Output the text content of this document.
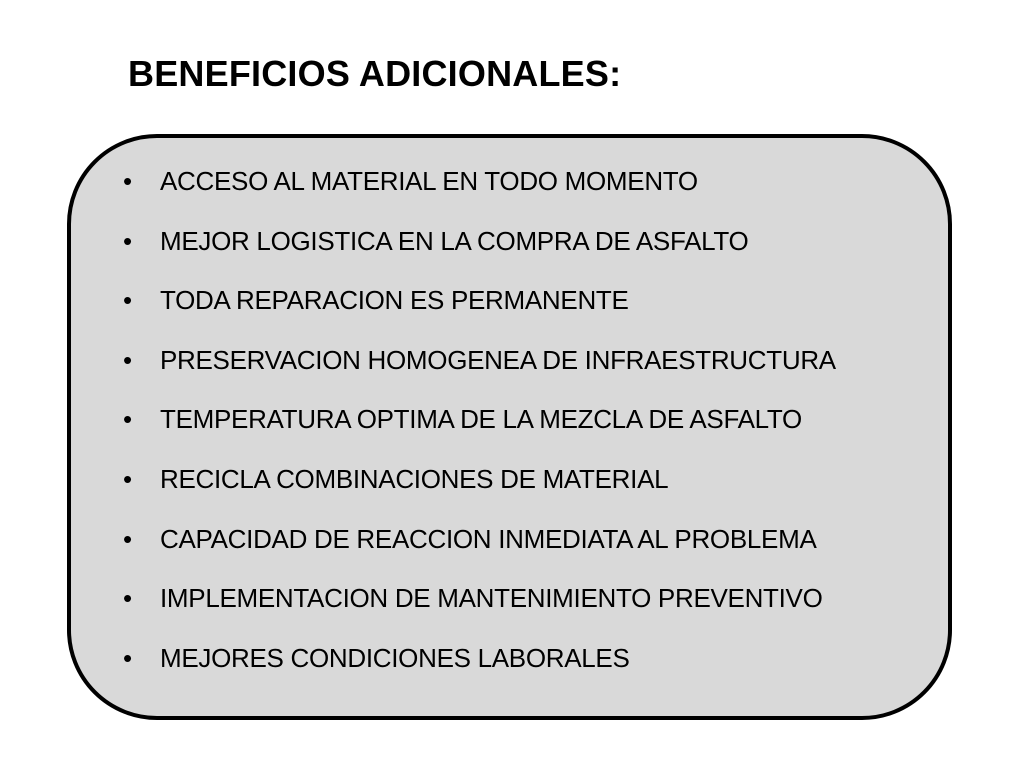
BENEFICIOS ADICIONALES:
• ACCESO AL MATERIAL EN TODO MOMENTO
• MEJOR LOGISTICA EN LA COMPRA DE ASFALTO
• TODA REPARACION ES PERMANENTE
• PRESERVACION HOMOGENEA DE INFRAESTRUCTURA
• TEMPERATURA OPTIMA DE LA MEZCLA DE ASFALTO
• RECICLA COMBINACIONES DE MATERIAL
• CAPACIDAD DE REACCION INMEDIATA AL PROBLEMA
• IMPLEMENTACION DE MANTENIMIENTO PREVENTIVO
• MEJORES CONDICIONES LABORALES
